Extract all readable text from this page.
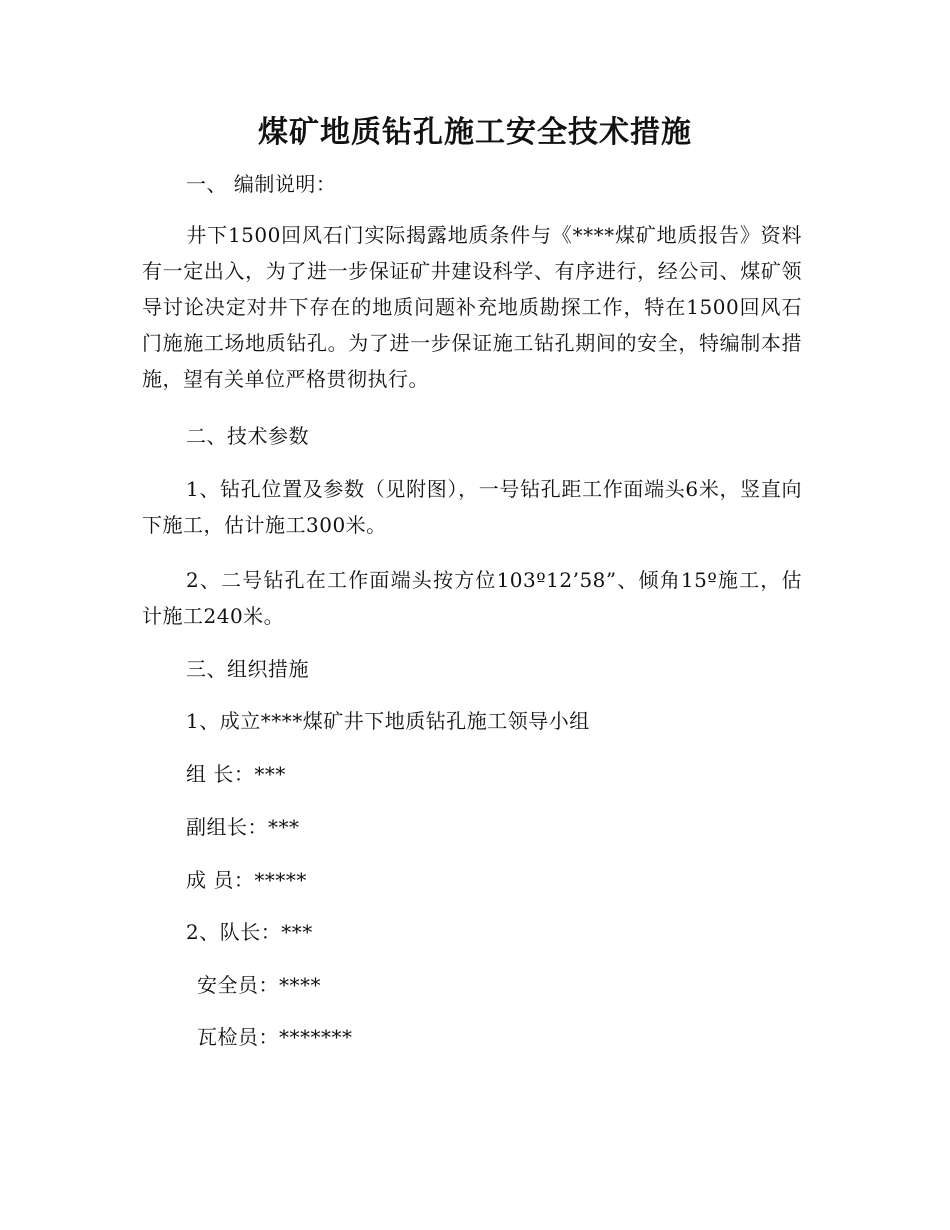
煤矿地质钻孔施工安全技术措施
一、 编制说明：
井下1500回风石门实际揭露地质条件与《****煤矿地质报告》资料有一定出入，为了进一步保证矿井建设科学、有序进行，经公司、煤矿领导讨论决定对井下存在的地质问题补充地质勘探工作，特在1500回风石门施施工场地质钻孔。为了进一步保证施工钻孔期间的安全，特编制本措施，望有关单位严格贯彻执行。
二、技术参数
1、钻孔位置及参数（见附图），一号钻孔距工作面端头6米，竖直向下施工，估计施工300米。
2、二号钻孔在工作面端头按方位103º12’58”、倾角15º施工，估计施工240米。
三、组织措施
1、成立****煤矿井下地质钻孔施工领导小组
组 长：***
副组长：***
成 员：*****
2、队长：***
安全员：****
瓦检员：*******
